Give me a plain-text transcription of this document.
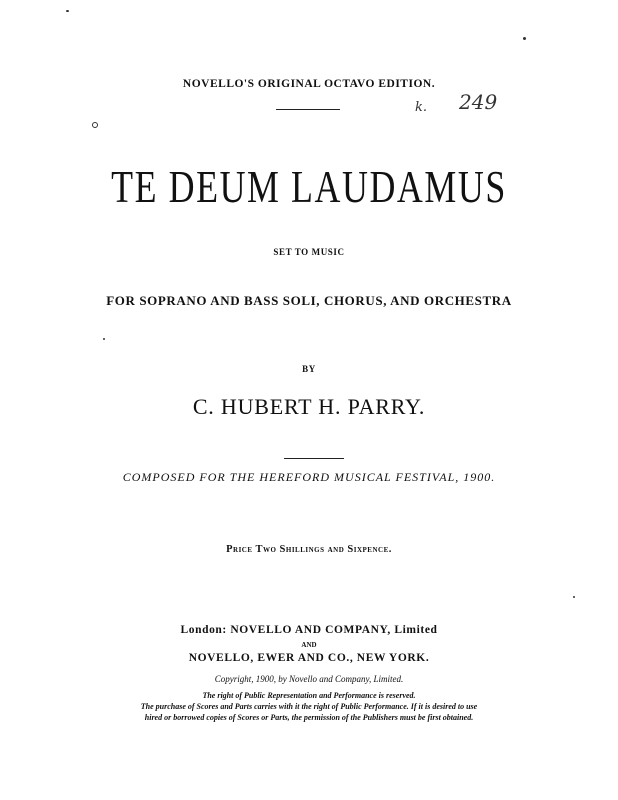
NOVELLO'S ORIGINAL OCTAVO EDITION.
k. 249
TE DEUM LAUDAMUS
SET TO MUSIC
FOR SOPRANO AND BASS SOLI, CHORUS, AND ORCHESTRA
BY
C. HUBERT H. PARRY.
COMPOSED FOR THE HEREFORD MUSICAL FESTIVAL, 1900.
Price Two Shillings and Sixpence.
London: NOVELLO AND COMPANY, Limited
AND
NOVELLO, EWER AND CO., NEW YORK.
Copyright, 1900, by Novello and Company, Limited.
The right of Public Representation and Performance is reserved.
The purchase of Scores and Parts carries with it the right of Public Performance. If it is desired to use
hired or borrowed copies of Scores or Parts, the permission of the Publishers must be first obtained.
